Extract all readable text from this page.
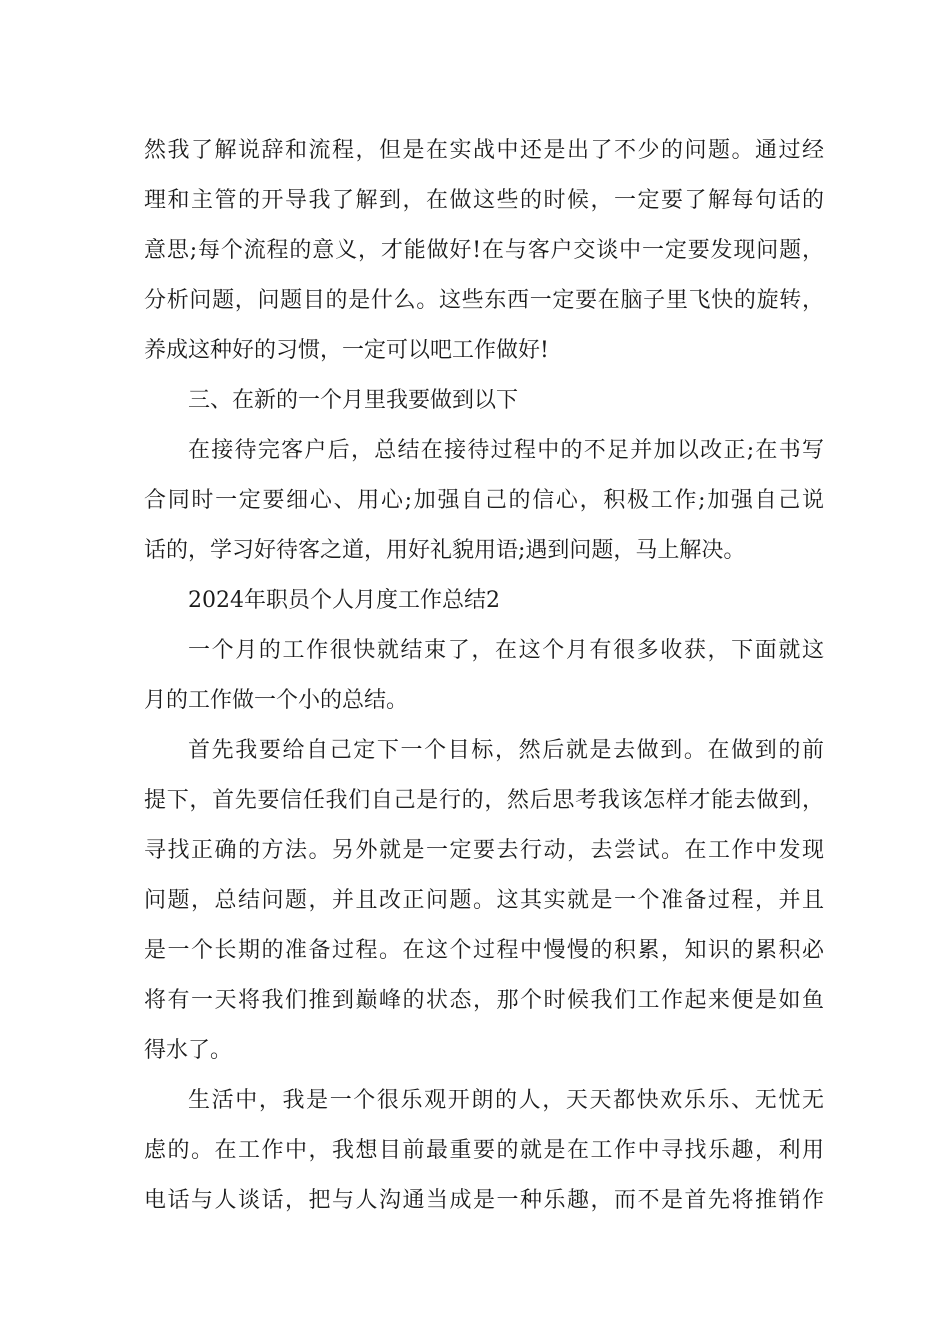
然我了解说辞和流程，但是在实战中还是出了不少的问题。通过经
理和主管的开导我了解到，在做这些的时候，一定要了解每句话的
意思;每个流程的意义，才能做好!在与客户交谈中一定要发现问题，
分析问题，问题目的是什么。这些东西一定要在脑子里飞快的旋转，
养成这种好的习惯，一定可以吧工作做好!
三、在新的一个月里我要做到以下
在接待完客户后，总结在接待过程中的不足并加以改正;在书写
合同时一定要细心、用心;加强自己的信心，积极工作;加强自己说
话的，学习好待客之道，用好礼貌用语;遇到问题，马上解决。
2024年职员个人月度工作总结2
一个月的工作很快就结束了，在这个月有很多收获，下面就这
月的工作做一个小的总结。
首先我要给自己定下一个目标，然后就是去做到。在做到的前
提下，首先要信任我们自己是行的，然后思考我该怎样才能去做到，
寻找正确的方法。另外就是一定要去行动，去尝试。在工作中发现
问题，总结问题，并且改正问题。这其实就是一个准备过程，并且
是一个长期的准备过程。在这个过程中慢慢的积累，知识的累积必
将有一天将我们推到巅峰的状态，那个时候我们工作起来便是如鱼
得水了。
生活中，我是一个很乐观开朗的人，天天都快欢乐乐、无忧无
虑的。在工作中，我想目前最重要的就是在工作中寻找乐趣，利用
电话与人谈话，把与人沟通当成是一种乐趣，而不是首先将推销作
